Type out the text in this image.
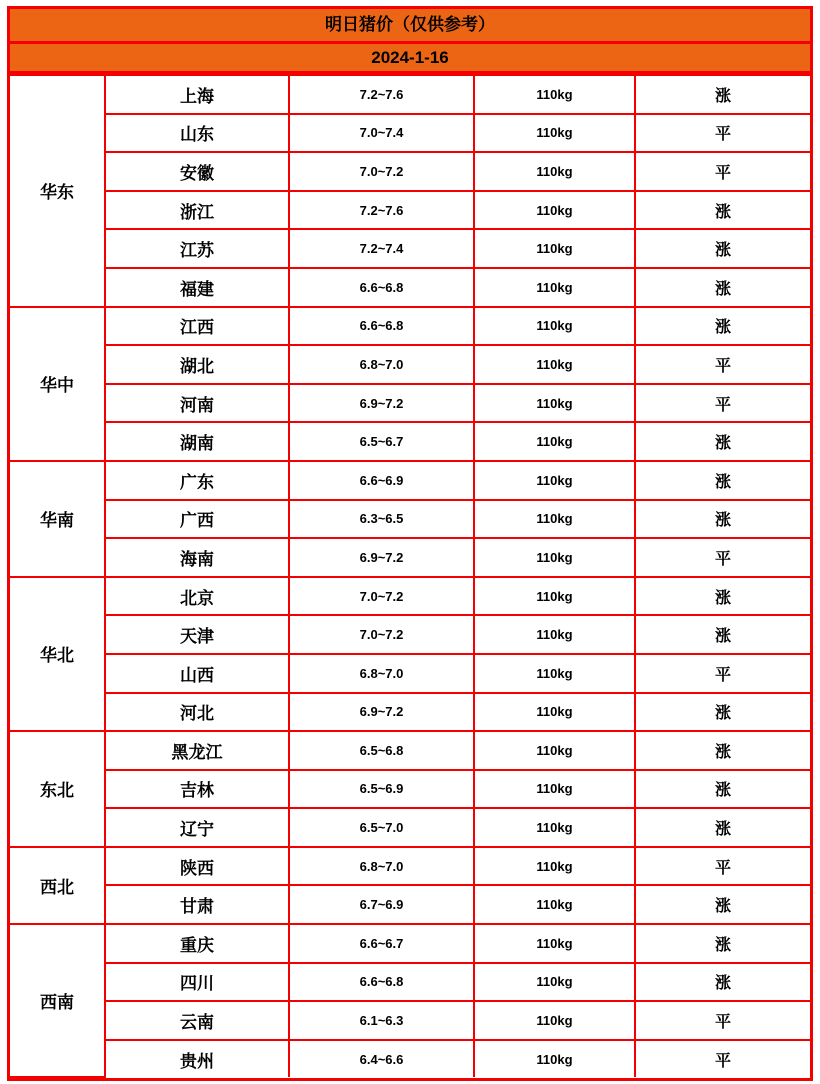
明日猪价（仅供参考）
2024-1-16
华东	上海	7.2~7.6	110kg	涨
	山东	7.0~7.4	110kg	平
	安徽	7.0~7.2	110kg	平
	浙江	7.2~7.6	110kg	涨
	江苏	7.2~7.4	110kg	涨
	福建	6.6~6.8	110kg	涨
华中	江西	6.6~6.8	110kg	涨
	湖北	6.8~7.0	110kg	平
	河南	6.9~7.2	110kg	平
	湖南	6.5~6.7	110kg	涨
华南	广东	6.6~6.9	110kg	涨
	广西	6.3~6.5	110kg	涨
	海南	6.9~7.2	110kg	平
华北	北京	7.0~7.2	110kg	涨
	天津	7.0~7.2	110kg	涨
	山西	6.8~7.0	110kg	平
	河北	6.9~7.2	110kg	涨
东北	黑龙江	6.5~6.8	110kg	涨
	吉林	6.5~6.9	110kg	涨
	辽宁	6.5~7.0	110kg	涨
西北	陕西	6.8~7.0	110kg	平
	甘肃	6.7~6.9	110kg	涨
西南	重庆	6.6~6.7	110kg	涨
	四川	6.6~6.8	110kg	涨
	云南	6.1~6.3	110kg	平
	贵州	6.4~6.6	110kg	平
